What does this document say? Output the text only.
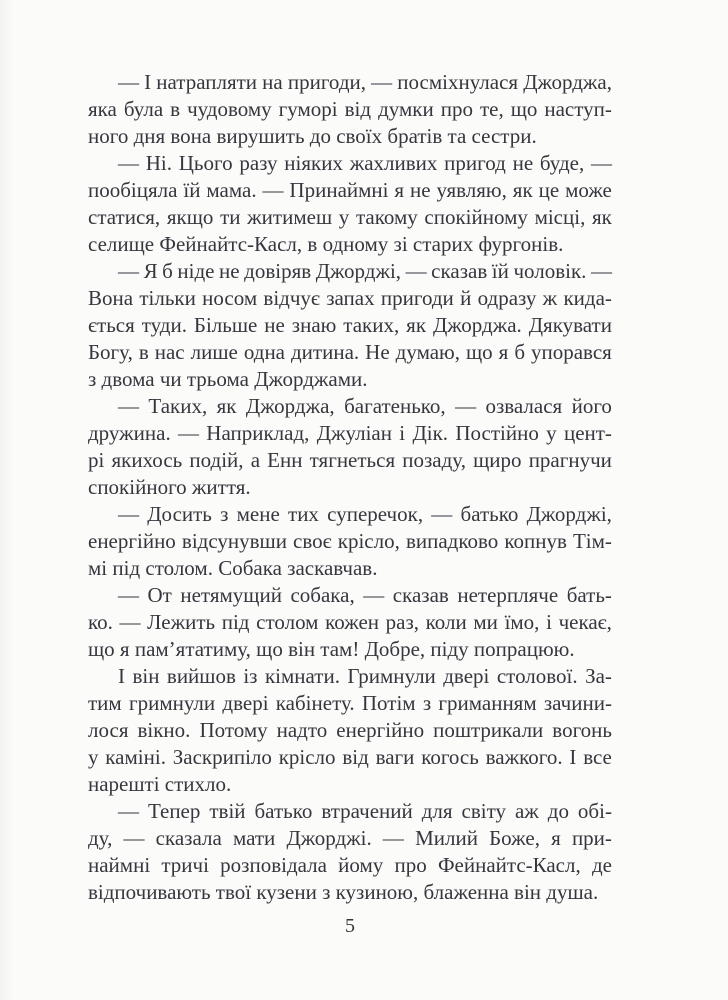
— І натрапляти на пригоди, — посміхнулася Джорджа,
яка була в чудовому гуморі від думки про те, що наступ-
ного дня вона вирушить до своїх братів та сестри.
— Ні. Цього разу ніяких жахливих пригод не буде, —
пообіцяла їй мама. — Принаймні я не уявляю, як це може
статися, якщо ти житимеш у такому спокійному місці, як
селище Фейнайтс-Касл, в одному зі старих фургонів.
— Я б ніде не довіряв Джорджі, — сказав їй чоловік. —
Вона тільки носом відчує запах пригоди й одразу ж кида-
ється туди. Більше не знаю таких, як Джорджа. Дякувати
Богу, в нас лише одна дитина. Не думаю, що я б упорався
з двома чи трьома Джорджами.
— Таких, як Джорджа, багатенько, — озвалася його
дружина. — Наприклад, Джуліан і Дік. Постійно у цент-
рі якихось подій, а Енн тягнеться позаду, щиро прагнучи
спокійного життя.
— Досить з мене тих суперечок, — батько Джорджі,
енергійно відсунувши своє крісло, випадково копнув Тім-
мі під столом. Собака заскавчав.
— От нетямущий собака, — сказав нетерпляче бать-
ко. — Лежить під столом кожен раз, коли ми їмо, і чекає,
що я пам’ятатиму, що він там! Добре, піду попрацюю.
І він вийшов із кімнати. Гримнули двері столової. За-
тим гримнули двері кабінету. Потім з гриманням зачини-
лося вікно. Потому надто енергійно поштрикали вогонь
у каміні. Заскрипіло крісло від ваги когось важкого. І все
нарешті стихло.
— Тепер твій батько втрачений для світу аж до обі-
ду, — сказала мати Джорджі. — Милий Боже, я при-
наймні тричі розповідала йому про Фейнайтс-Касл, де
відпочивають твої кузени з кузиною, блаженна він душа.
5
